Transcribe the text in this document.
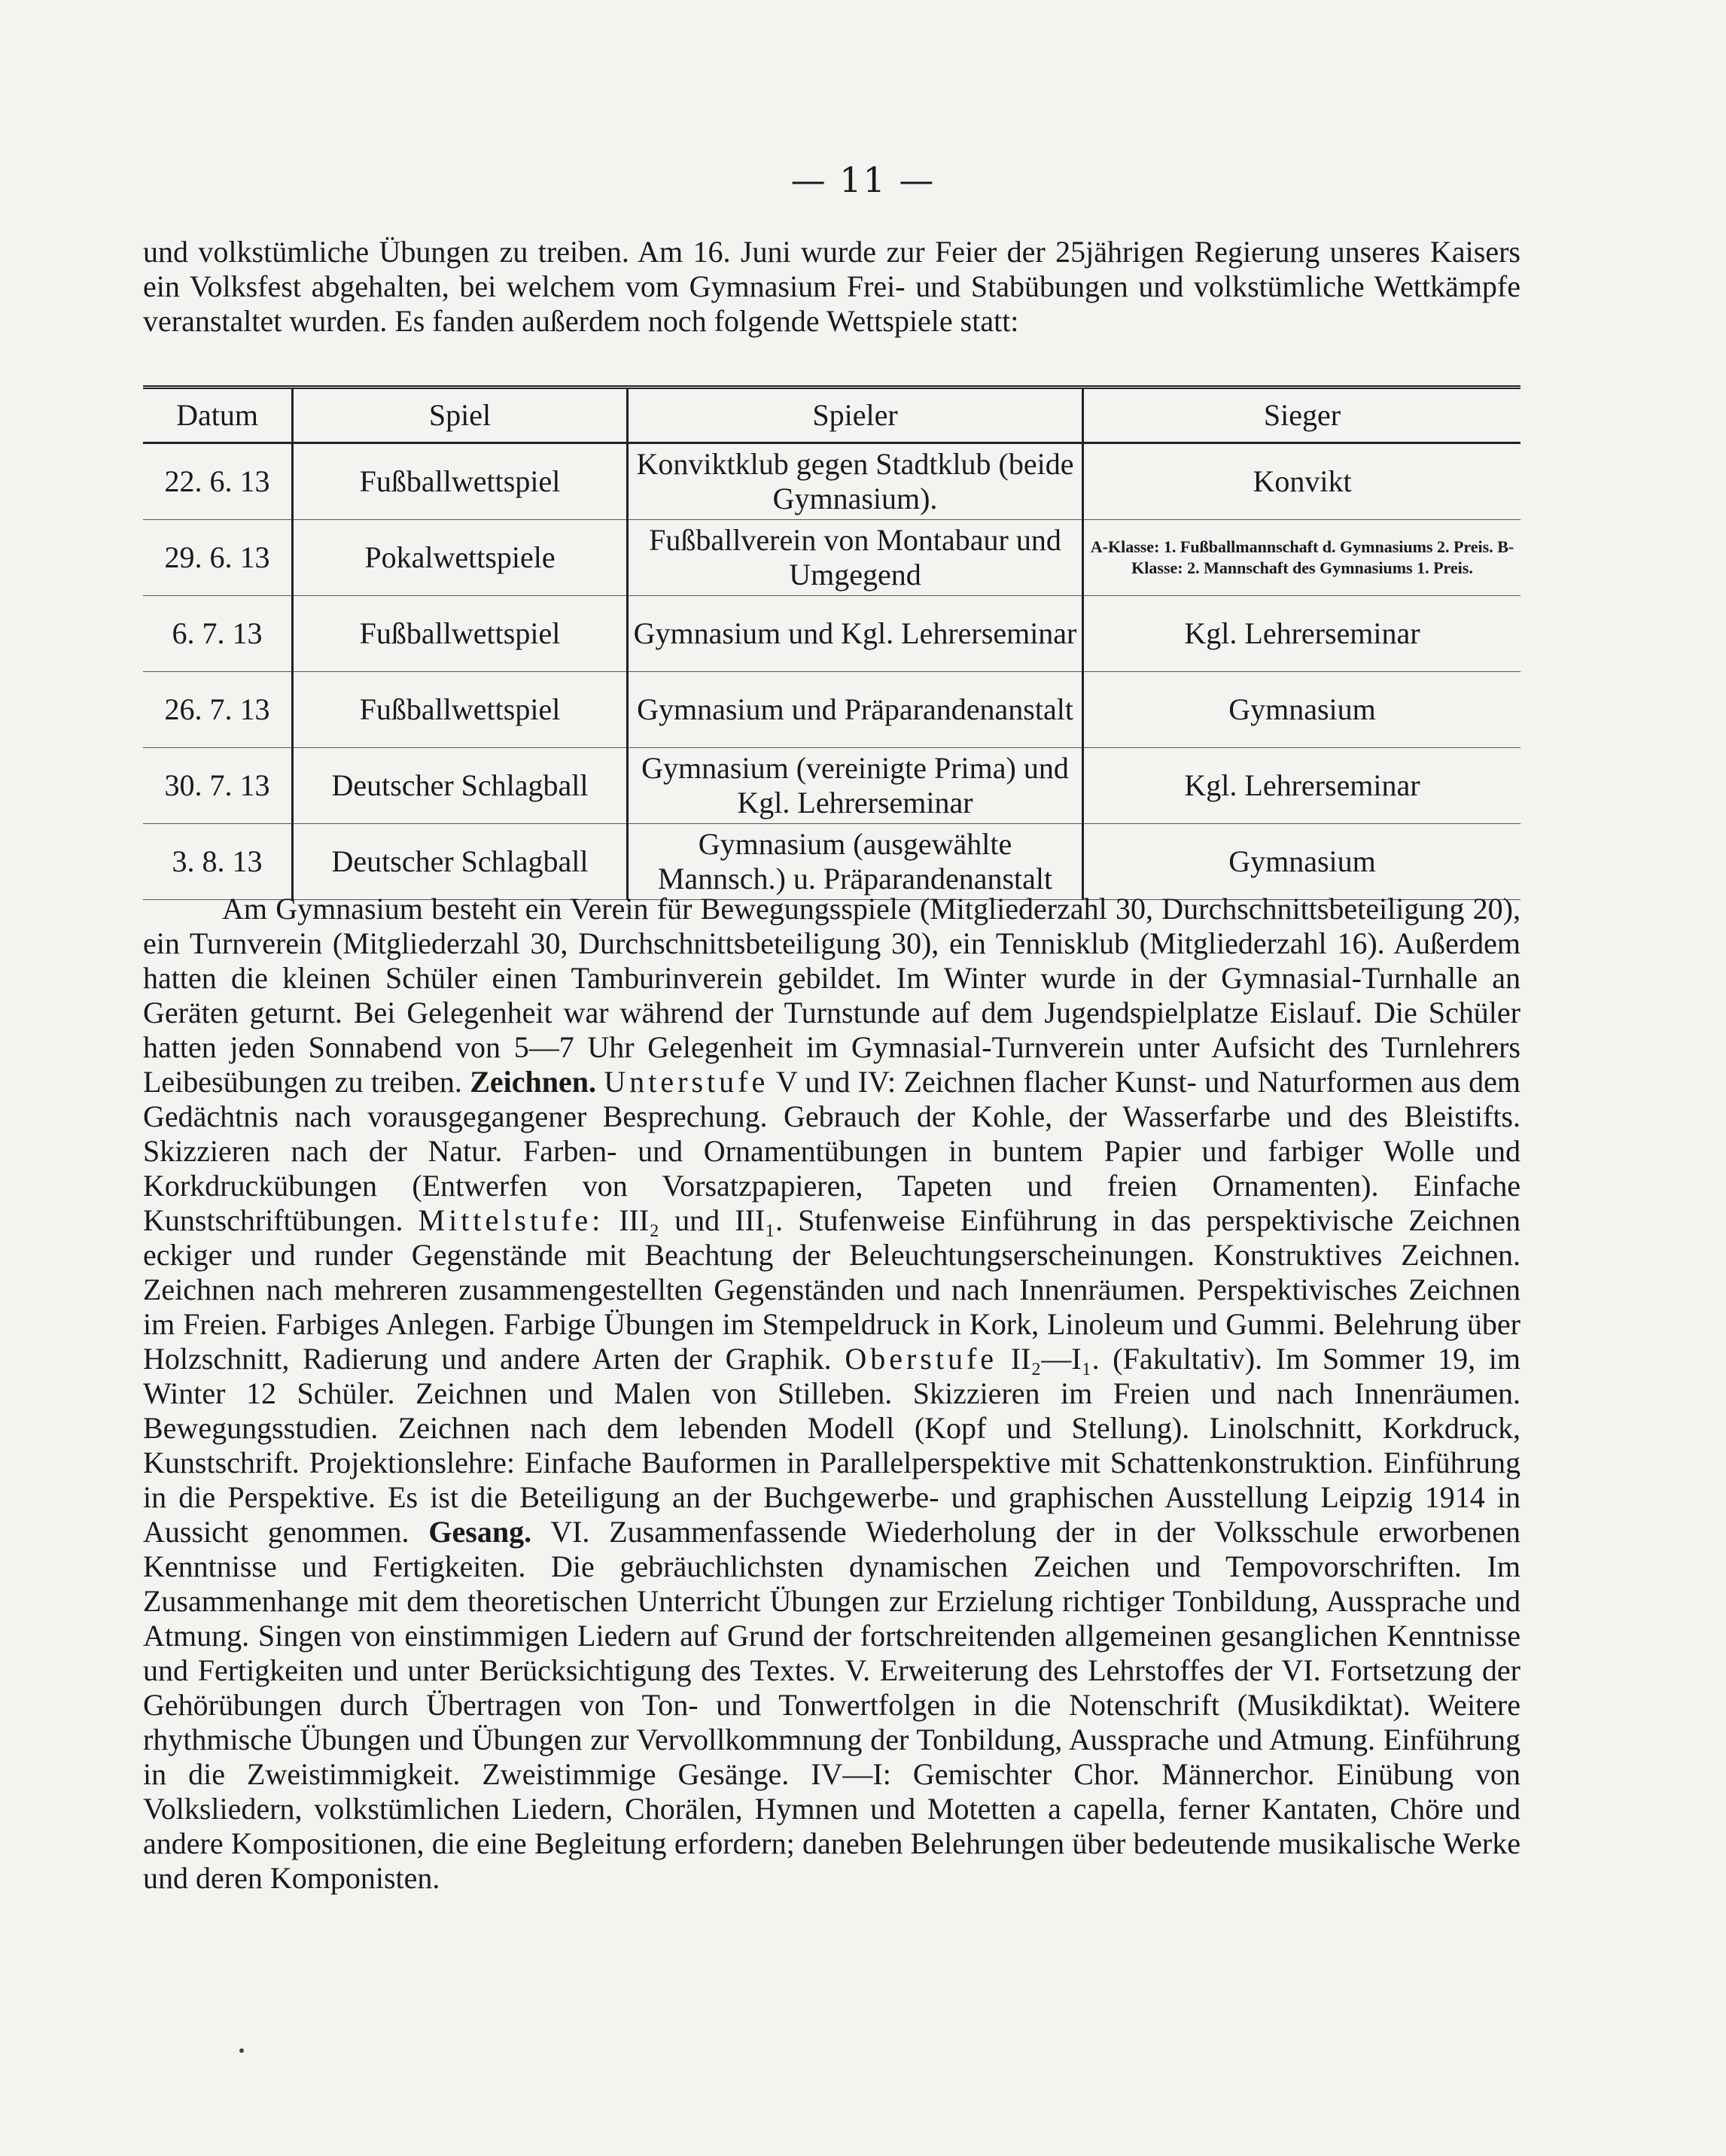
— 11 —
und volkstümliche Übungen zu treiben. Am 16. Juni wurde zur Feier der 25jährigen Regierung unseres Kaisers ein Volksfest abgehalten, bei welchem vom Gymnasium Frei- und Stabübungen und volkstümliche Wettkämpfe veranstaltet wurden. Es fanden außerdem noch folgende Wettspiele statt:
Datum	Spiel	Spieler	Sieger
22. 6. 13	Fußballwettspiel	Konviktklub gegen Stadtklub (beide Gymnasium).	Konvikt
29. 6. 13	Pokalwettspiele	Fußballverein von Montabaur und Umgegend	A-Klasse: 1. Fußballmannschaft d. Gymnasiums 2. Preis. B-Klasse: 2. Mannschaft des Gymnasiums 1. Preis.
6. 7. 13	Fußballwettspiel	Gymnasium und Kgl. Lehrerseminar	Kgl. Lehrerseminar
26. 7. 13	Fußballwettspiel	Gymnasium und Präparandenanstalt	Gymnasium
30. 7. 13	Deutscher Schlagball	Gymnasium (vereinigte Prima) und Kgl. Lehrerseminar	Kgl. Lehrerseminar
3. 8. 13	Deutscher Schlagball	Gymnasium (ausgewählte Mannsch.) u. Präparandenanstalt	Gymnasium
Am Gymnasium besteht ein Verein für Bewegungsspiele (Mitgliederzahl 30, Durchschnittsbeteiligung 20), ein Turnverein (Mitgliederzahl 30, Durchschnittsbeteiligung 30), ein Tennisklub (Mitgliederzahl 16). Außerdem hatten die kleinen Schüler einen Tamburinverein gebildet. Im Winter wurde in der Gymnasial-Turnhalle an Geräten geturnt. Bei Gelegenheit war während der Turnstunde auf dem Jugendspielplatze Eislauf. Die Schüler hatten jeden Sonnabend von 5—7 Uhr Gelegenheit im Gymnasial-Turnverein unter Aufsicht des Turnlehrers Leibesübungen zu treiben. Zeichnen. Unterstufe V und IV: Zeichnen flacher Kunst- und Naturformen aus dem Gedächtnis nach vorausgegangener Besprechung. Gebrauch der Kohle, der Wasserfarbe und des Bleistifts. Skizzieren nach der Natur. Farben- und Ornamentübungen in buntem Papier und farbiger Wolle und Korkdruckübungen (Entwerfen von Vorsatzpapieren, Tapeten und freien Ornamenten). Einfache Kunstschriftübungen. Mittelstufe: III₂ und III₁. Stufenweise Einführung in das perspektivische Zeichnen eckiger und runder Gegenstände mit Beachtung der Beleuchtungserscheinungen. Konstruktives Zeichnen. Zeichnen nach mehreren zusammengestellten Gegenständen und nach Innenräumen. Perspektivisches Zeichnen im Freien. Farbiges Anlegen. Farbige Übungen im Stempeldruck in Kork, Linoleum und Gummi. Belehrung über Holzschnitt, Radierung und andere Arten der Graphik. Oberstufe II₂—I₁. (Fakultativ). Im Sommer 19, im Winter 12 Schüler. Zeichnen und Malen von Stilleben. Skizzieren im Freien und nach Innenräumen. Bewegungsstudien. Zeichnen nach dem lebenden Modell (Kopf und Stellung). Linolschnitt, Korkdruck, Kunstschrift. Projektionslehre: Einfache Bauformen in Parallelperspektive mit Schattenkonstruktion. Einführung in die Perspektive. Es ist die Beteiligung an der Buchgewerbe- und graphischen Ausstellung Leipzig 1914 in Aussicht genommen. Gesang. VI. Zusammenfassende Wiederholung der in der Volksschule erworbenen Kenntnisse und Fertigkeiten. Die gebräuchlichsten dynamischen Zeichen und Tempovorschriften. Im Zusammenhange mit dem theoretischen Unterricht Übungen zur Erzielung richtiger Tonbildung, Aussprache und Atmung. Singen von einstimmigen Liedern auf Grund der fortschreitenden allgemeinen gesanglichen Kenntnisse und Fertigkeiten und unter Berücksichtigung des Textes. V. Erweiterung des Lehrstoffes der VI. Fortsetzung der Gehörübungen durch Übertragen von Ton- und Tonwertfolgen in die Notenschrift (Musikdiktat). Weitere rhythmische Übungen und Übungen zur Vervollkommnung der Tonbildung, Aussprache und Atmung. Einführung in die Zweistimmigkeit. Zweistimmige Gesänge. IV—I: Gemischter Chor. Männerchor. Einübung von Volksliedern, volkstümlichen Liedern, Chorälen, Hymnen und Motetten a capella, ferner Kantaten, Chöre und andere Kompositionen, die eine Begleitung erfordern; daneben Belehrungen über bedeutende musikalische Werke und deren Komponisten.
